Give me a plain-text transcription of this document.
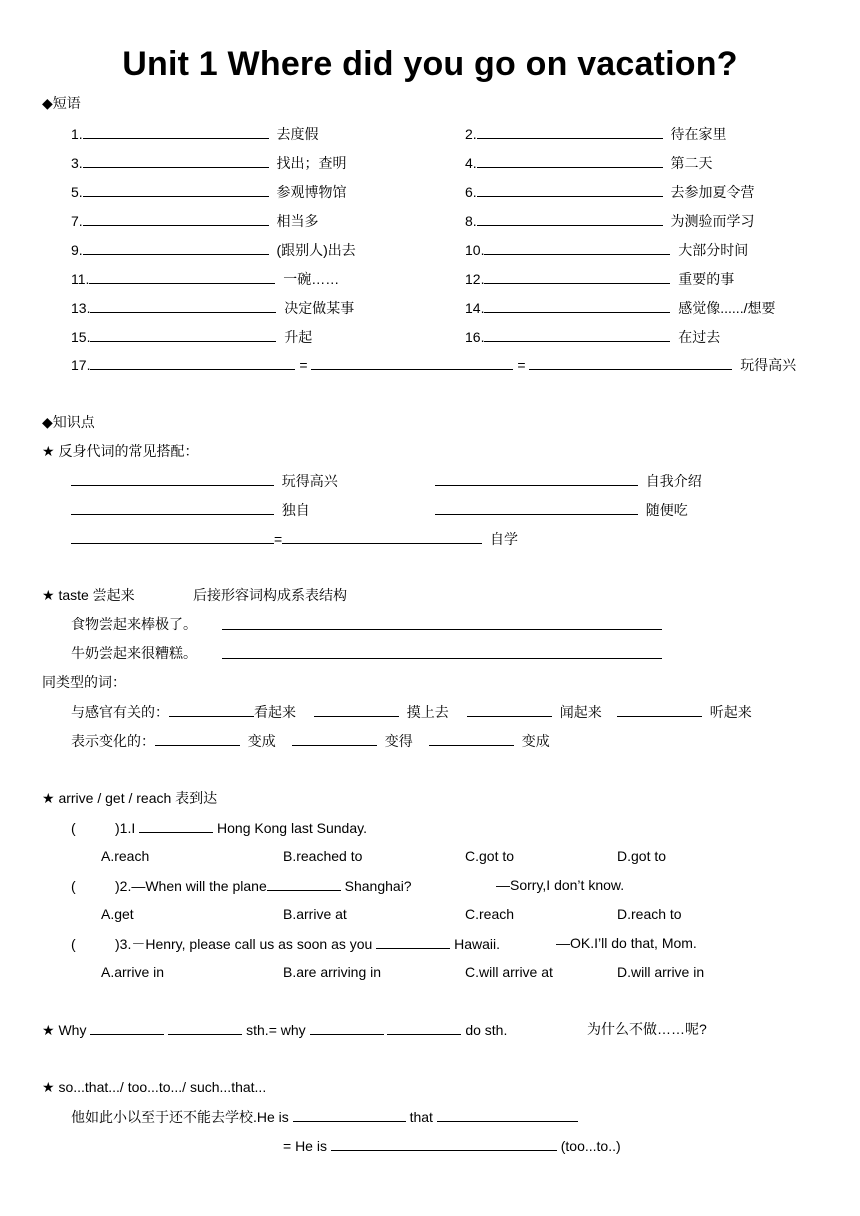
Unit 1 Where did you go on vacation?
◆短语
1.	去度假	2.	待在家里
3.	找出；查明	4.	第二天
5.	参观博物馆	6.	去参加夏令营
7.	相当多	8.	为测验而学习
9.	(跟别人)出去	10.	大部分时间
11.	一碗……	12.	重要的事
13.	决定做某事	14.	感觉像....../想要
15.	升起	16.	在过去
17.	=	=	玩得高兴
◆知识点
★ 反身代词的常见搭配：
玩得高兴	自我介绍
独自	随便吃
=	自学
★ taste 尝起来	后接形容词构成系表结构
食物尝起来棒极了。
牛奶尝起来很糟糕。
同类型的词：
与感官有关的：	看起来	摸上去	闻起来	听起来
表示变化的：	变成	变得	变成
★ arrive / get / reach 表到达
(	)1.I	Hong Kong last Sunday.
A.reach	B.reached to	C.got to	D.got to
(	)2.—When will the plane	Shanghai?	—Sorry,I don’t know.
A.get	B.arrive at	C.reach	D.reach to
(	)3.－Henry, please call us as soon as you	Hawaii.	—OK.I’ll do that, Mom.
A.arrive in	B.are arriving in	C.will arrive at	D.will arrive in
★ Why	sth.= why	do sth.	为什么不做……呢?
★ so...that.../ too...to.../ such...that...
他如此小以至于还不能去学校.He is	that
= He is	(too...to..)
